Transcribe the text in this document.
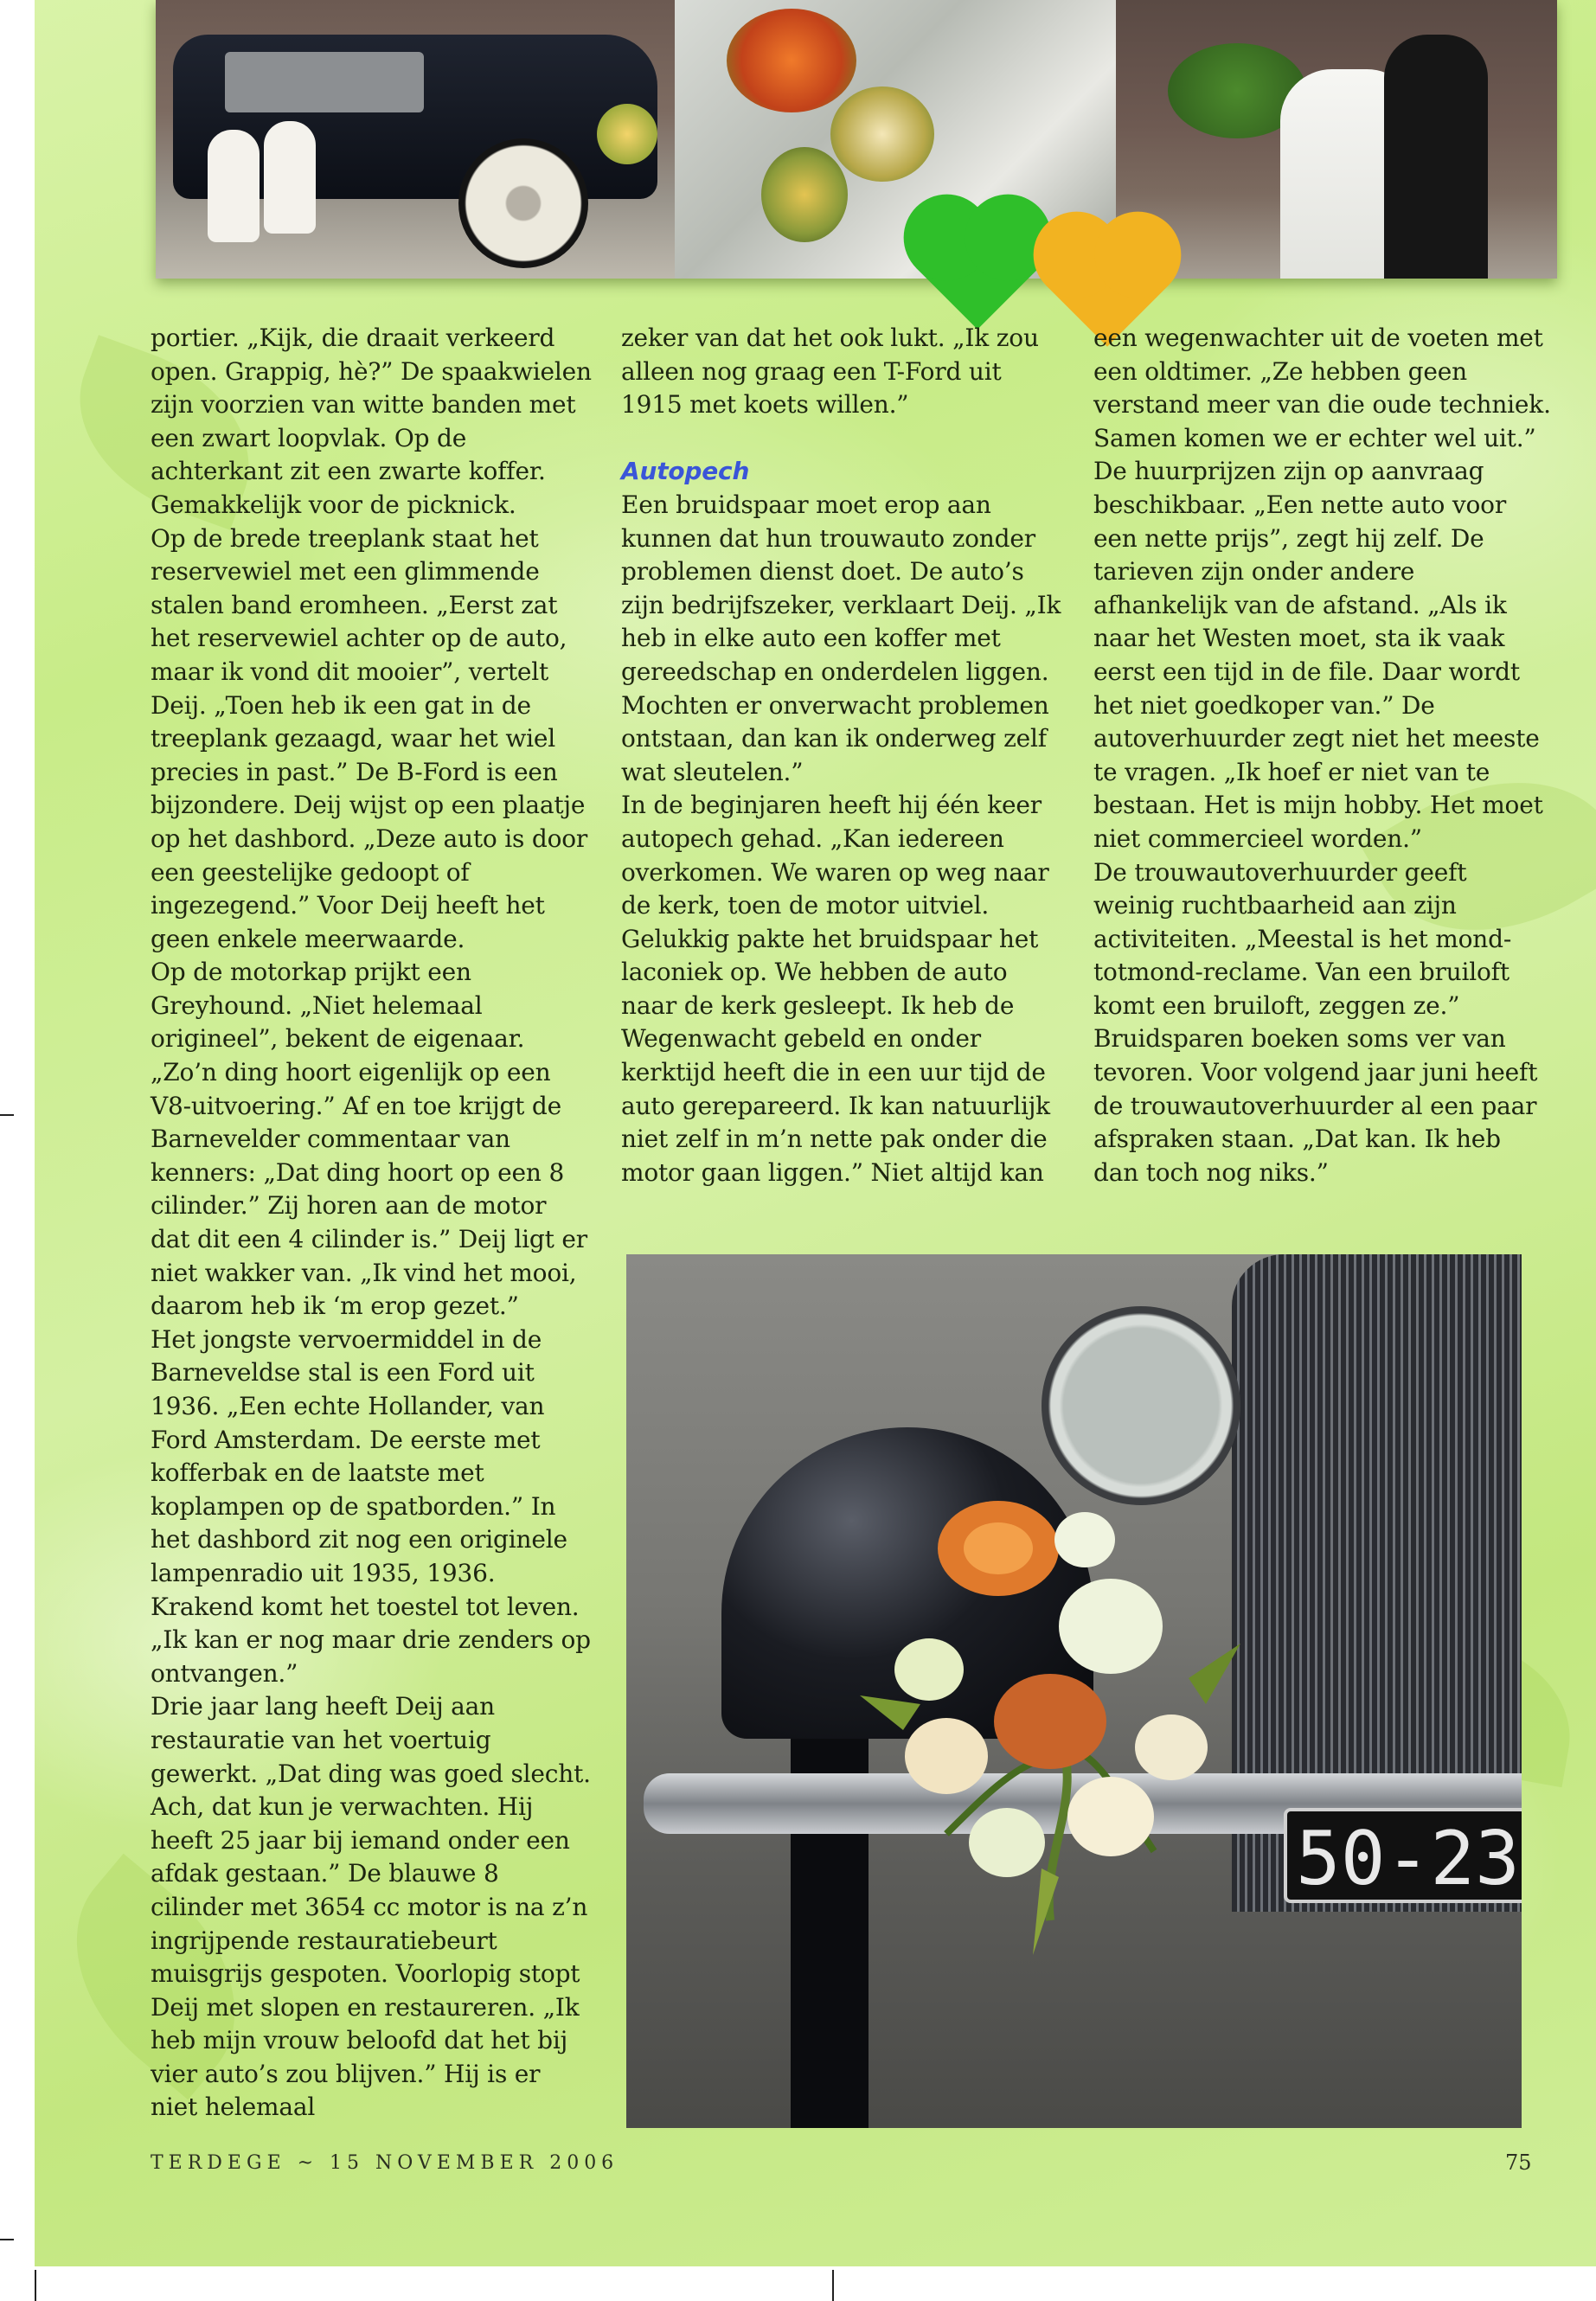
portier. „Kijk, die draait verkeerd open. Grappig, hè?” De spaakwielen zijn voorzien van witte banden met een zwart loopvlak. Op de achterkant zit een zwarte koffer. Gemakkelijk voor de picknick.

Op de brede treeplank staat het reservewiel met een glimmende stalen band eromheen. „Eerst zat het reservewiel achter op de auto, maar ik vond dit mooier”, vertelt Deij. „Toen heb ik een gat in de treeplank gezaagd, waar het wiel precies in past.” De B-Ford is een bijzondere. Deij wijst op een plaatje op het dashbord. „Deze auto is door een geestelijke gedoopt of ingezegend.” Voor Deij heeft het geen enkele meerwaarde.

Op de motorkap prijkt een Greyhound. „Niet helemaal origineel”, bekent de eigenaar. „Zo’n ding hoort eigenlijk op een V8-uitvoering.” Af en toe krijgt de Barnevelder commentaar van kenners: „Dat ding hoort op een 8 cilinder.” Zij horen aan de motor dat dit een 4 cilinder is.” Deij ligt er niet wakker van. „Ik vind het mooi, daarom heb ik ‘m erop gezet.”

Het jongste vervoermiddel in de Barneveldse stal is een Ford uit 1936. „Een echte Hollander, van Ford Amsterdam. De eerste met kofferbak en de laatste met koplampen op de spatborden.” In het dashbord zit nog een originele lampenradio uit 1935, 1936. Krakend komt het toestel tot leven. „Ik kan er nog maar drie zenders op ontvangen.”

Drie jaar lang heeft Deij aan restauratie van het voertuig gewerkt. „Dat ding was goed slecht. Ach, dat kun je verwachten. Hij heeft 25 jaar bij iemand onder een afdak gestaan.” De blauwe 8 cilinder met 3654 cc motor is na z’n ingrijpende restauratiebeurt muisgrijs gespoten. Voorlopig stopt Deij met slopen en restaureren. „Ik heb mijn vrouw beloofd dat het bij vier auto’s zou blijven.” Hij is er niet helemaal

zeker van dat het ook lukt. „Ik zou alleen nog graag een T-Ford uit 1915 met koets willen.”

Autopech

Een bruidspaar moet erop aan kunnen dat hun trouwauto zonder problemen dienst doet. De auto’s zijn bedrijfszeker, verklaart Deij. „Ik heb in elke auto een koffer met gereedschap en onderdelen liggen. Mochten er onverwacht problemen ontstaan, dan kan ik onderweg zelf wat sleutelen.”

In de beginjaren heeft hij één keer autopech gehad. „Kan iedereen overkomen. We waren op weg naar de kerk, toen de motor uitviel. Gelukkig pakte het bruidspaar het laconiek op. We hebben de auto naar de kerk gesleept. Ik heb de Wegenwacht gebeld en onder kerktijd heeft die in een uur tijd de auto gerepareerd. Ik kan natuurlijk niet zelf in m’n nette pak onder die motor gaan liggen.” Niet altijd kan

een wegenwachter uit de voeten met een oldtimer. „Ze hebben geen verstand meer van die oude techniek. Samen komen we er echter wel uit.”

De huurprijzen zijn op aanvraag beschikbaar. „Een nette auto voor een nette prijs”, zegt hij zelf. De tarieven zijn onder andere afhankelijk van de afstand. „Als ik naar het Westen moet, sta ik vaak eerst een tijd in de file. Daar wordt het niet goedkoper van.” De autoverhuurder zegt niet het meeste te vragen. „Ik hoef er niet van te bestaan. Het is mijn hobby. Het moet niet commercieel worden.”

De trouwautoverhuurder geeft weinig ruchtbaarheid aan zijn activiteiten. „Meestal is het mond-totmond-reclame. Van een bruiloft komt een bruiloft, zeggen ze.”

Bruidsparen boeken soms ver van tevoren. Voor volgend jaar juni heeft de trouwautoverhuurder al een paar afspraken staan. „Dat kan. Ik heb dan toch nog niks.”

50-23
TERDEGE ~ 15 NOVEMBER 2006	75
